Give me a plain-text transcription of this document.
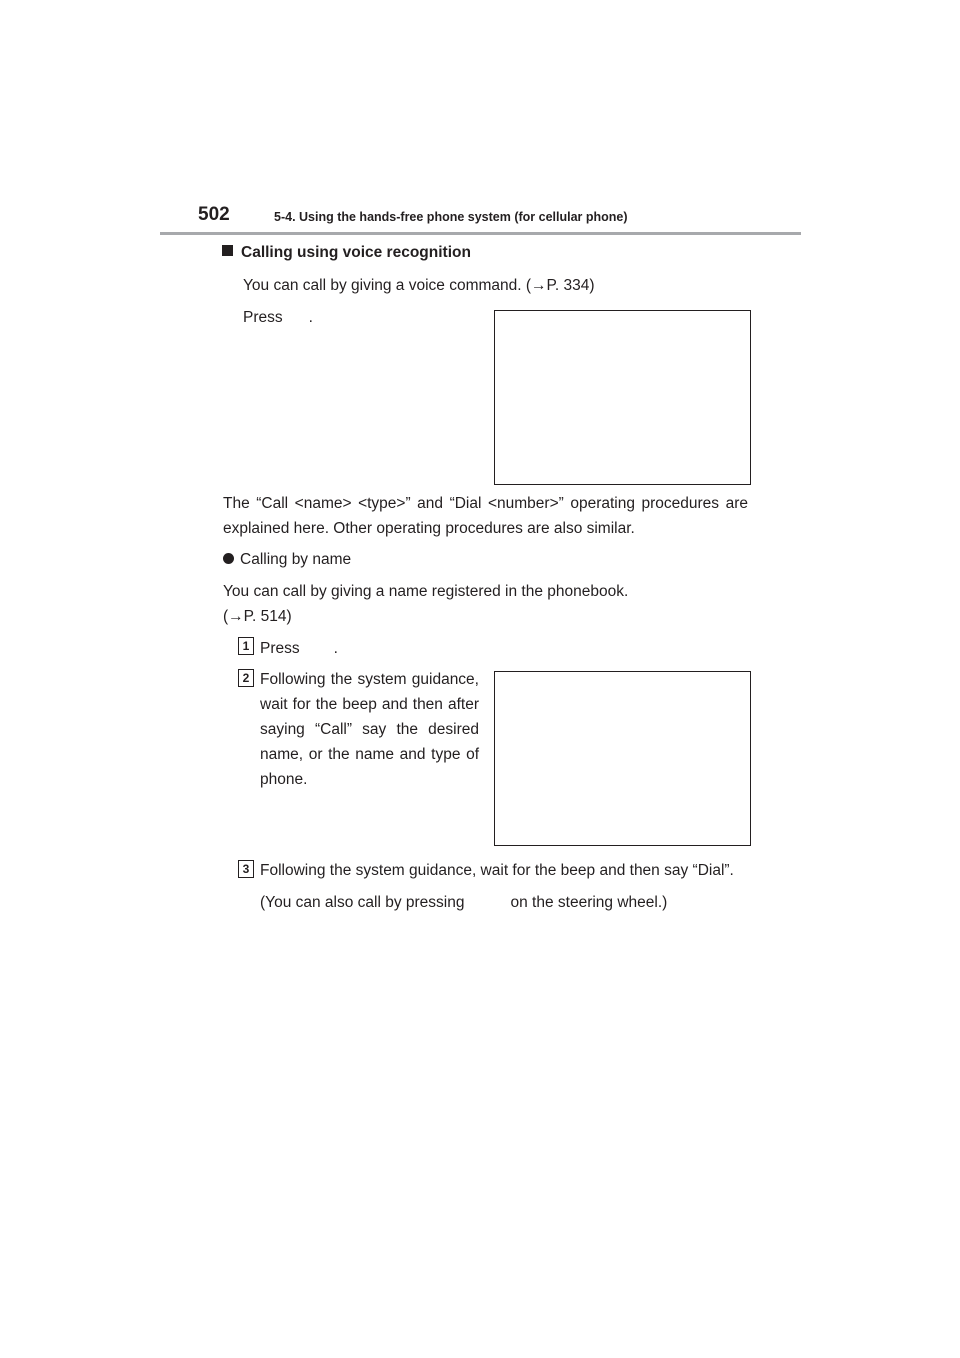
502	5-4. Using the hands-free phone system (for cellular phone)
Calling using voice recognition
You can call by giving a voice command. (→P. 334)
Press .
The “Call <name> <type>” and “Dial <number>” operating procedures are
explained here. Other operating procedures are also similar.
Calling by name
You can call by giving a name registered in the phonebook.
(→P. 514)
1 Press .
2 Following the system guidance, wait for the beep and then after saying “Call” say the desired name, or the name and type of phone.
3 Following the system guidance, wait for the beep and then say “Dial”.
(You can also call by pressing	on the steering wheel.)
